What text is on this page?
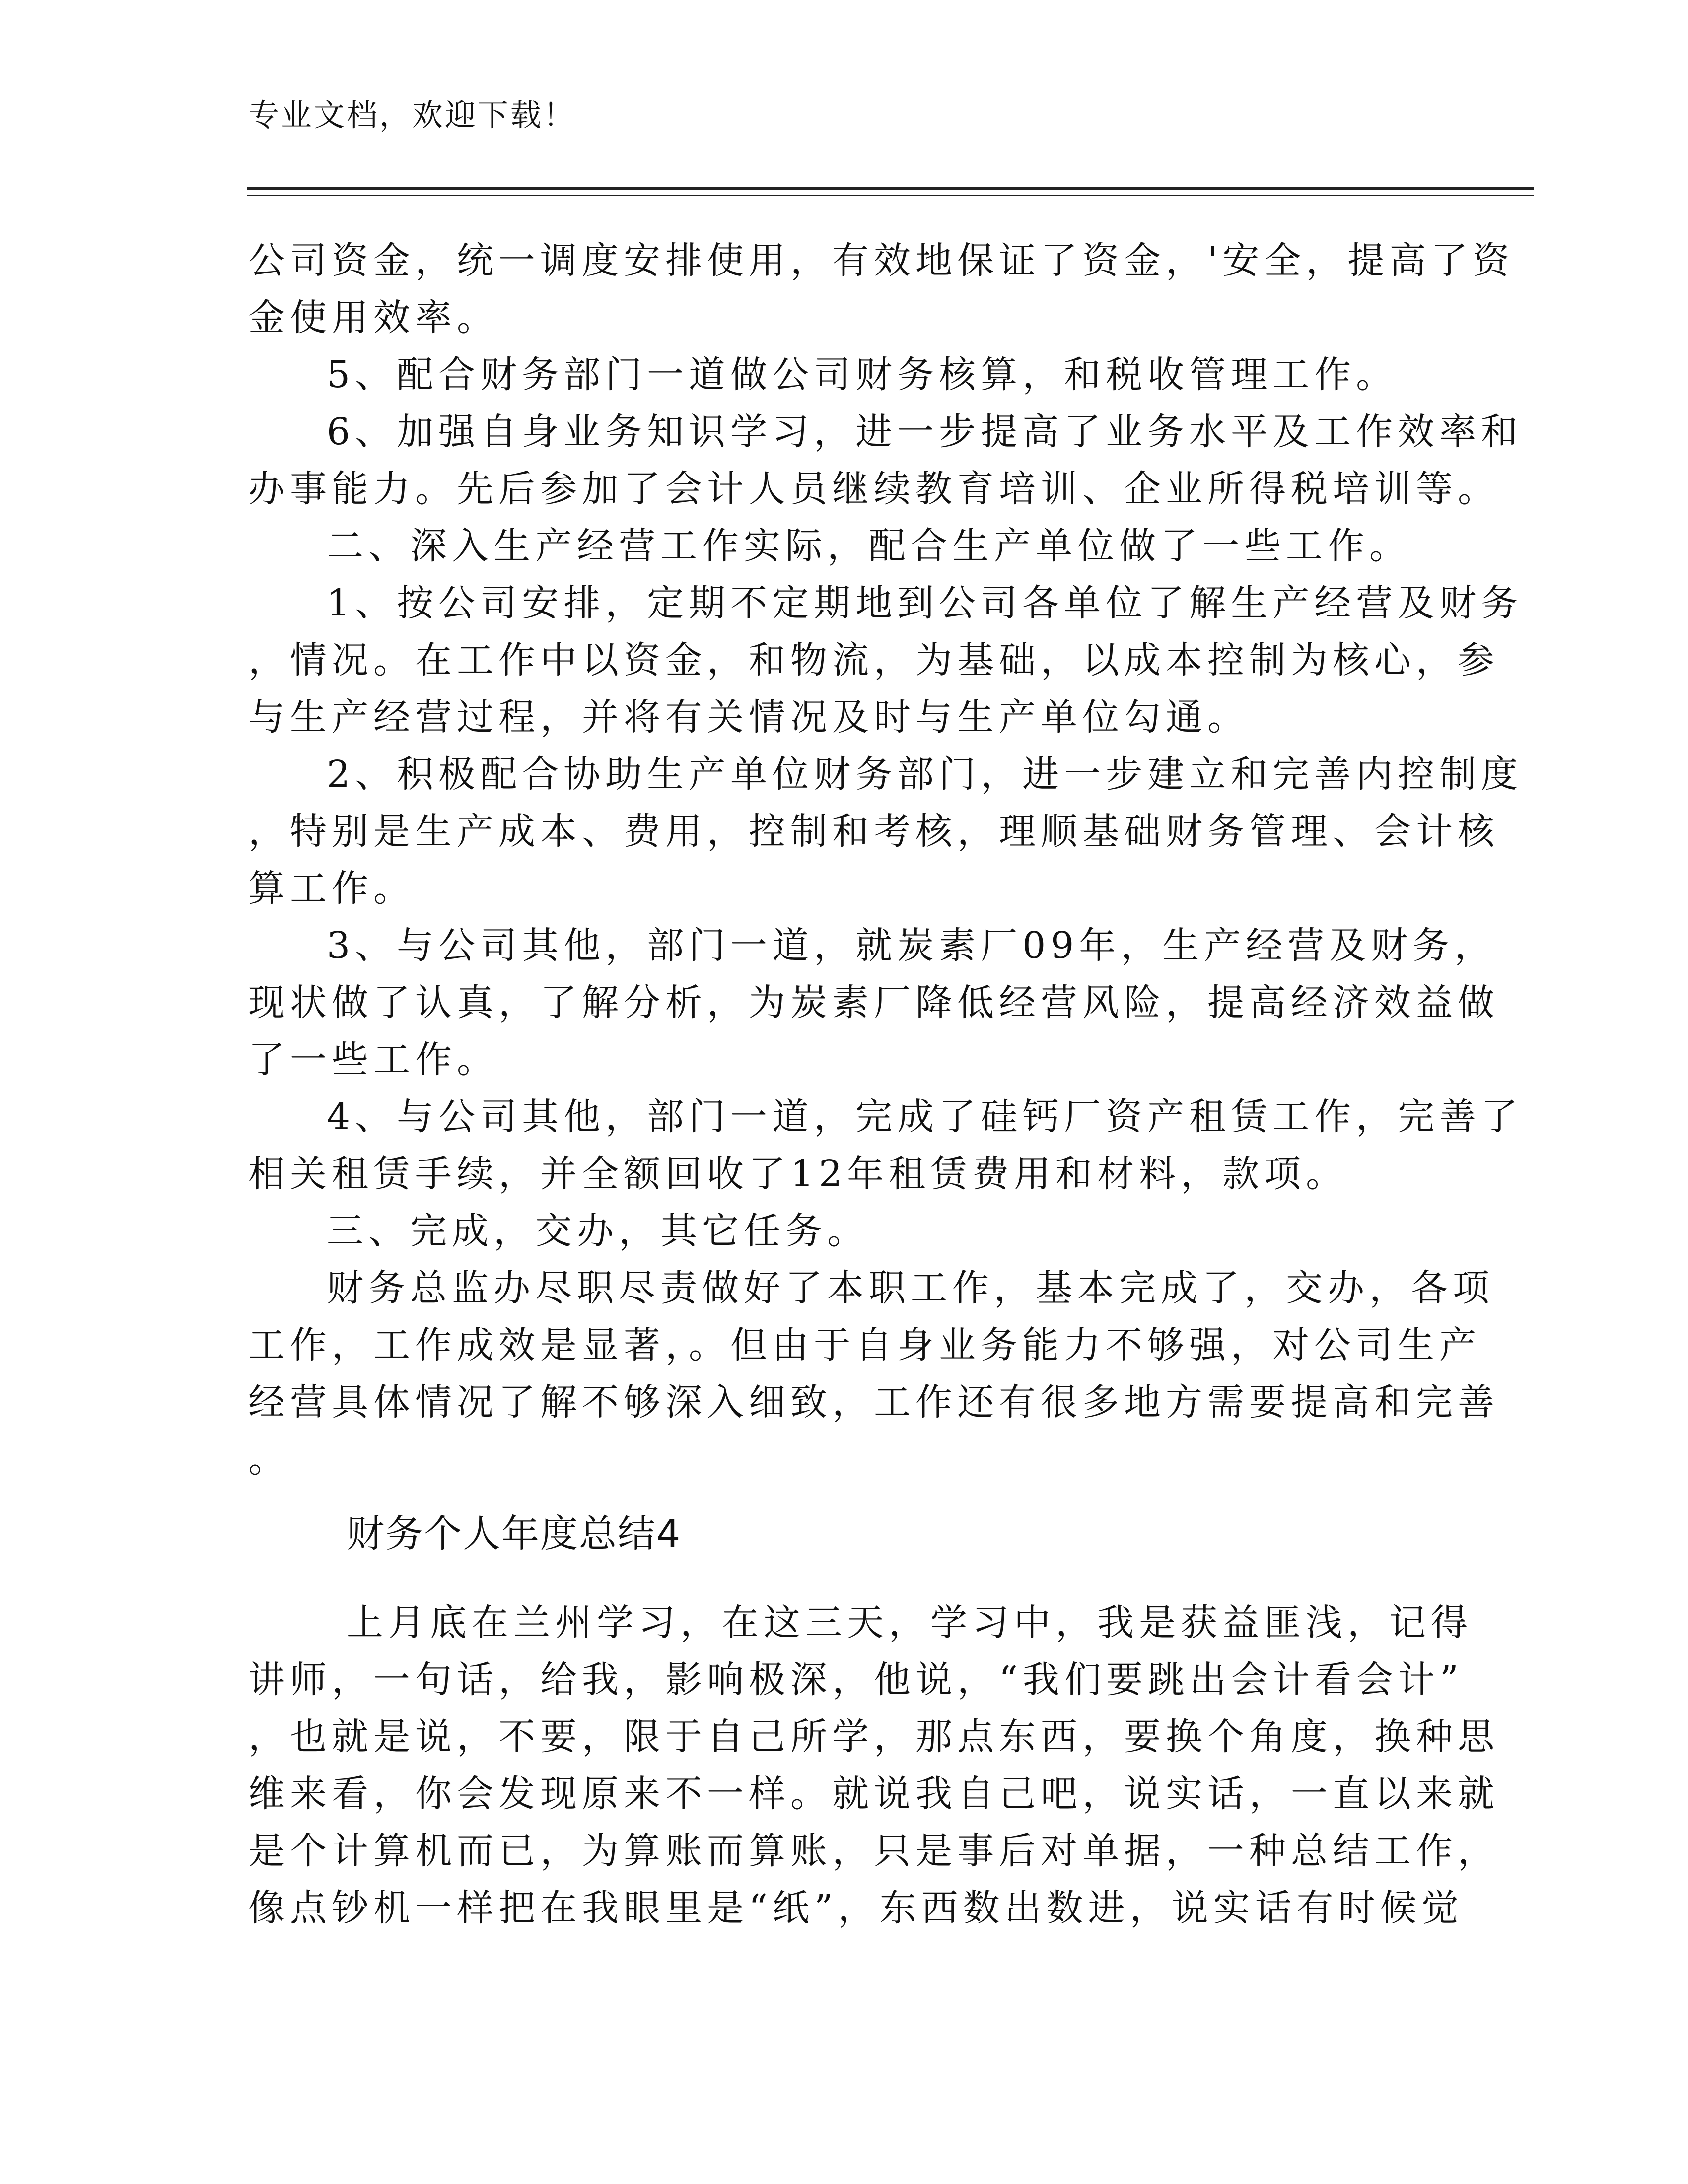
专业文档，欢迎下载！
公司资金，统一调度安排使用，有效地保证了资金，'安全，提高了资
金使用效率。
5、配合财务部门一道做公司财务核算，和税收管理工作。
6、加强自身业务知识学习，进一步提高了业务水平及工作效率和
办事能力。先后参加了会计人员继续教育培训、企业所得税培训等。
二、深入生产经营工作实际，配合生产单位做了一些工作。
1、按公司安排，定期不定期地到公司各单位了解生产经营及财务
，情况。在工作中以资金，和物流，为基础，以成本控制为核心，参
与生产经营过程，并将有关情况及时与生产单位勾通。
2、积极配合协助生产单位财务部门，进一步建立和完善内控制度
，特别是生产成本、费用，控制和考核，理顺基础财务管理、会计核
算工作。
3、与公司其他，部门一道，就炭素厂09年，生产经营及财务，
现状做了认真，了解分析，为炭素厂降低经营风险，提高经济效益做
了一些工作。
4、与公司其他，部门一道，完成了硅钙厂资产租赁工作，完善了
相关租赁手续，并全额回收了12年租赁费用和材料，款项。
三、完成，交办，其它任务。
财务总监办尽职尽责做好了本职工作，基本完成了，交办，各项
工作，工作成效是显著，。但由于自身业务能力不够强，对公司生产
经营具体情况了解不够深入细致，工作还有很多地方需要提高和完善
。
财务个人年度总结4
上月底在兰州学习，在这三天，学习中，我是获益匪浅，记得
讲师，一句话，给我，影响极深，他说，“我们要跳出会计看会计”
，也就是说，不要，限于自己所学，那点东西，要换个角度，换种思
维来看，你会发现原来不一样。就说我自己吧，说实话，一直以来就
是个计算机而已，为算账而算账，只是事后对单据，一种总结工作，
像点钞机一样把在我眼里是“纸”，东西数出数进，说实话有时候觉
